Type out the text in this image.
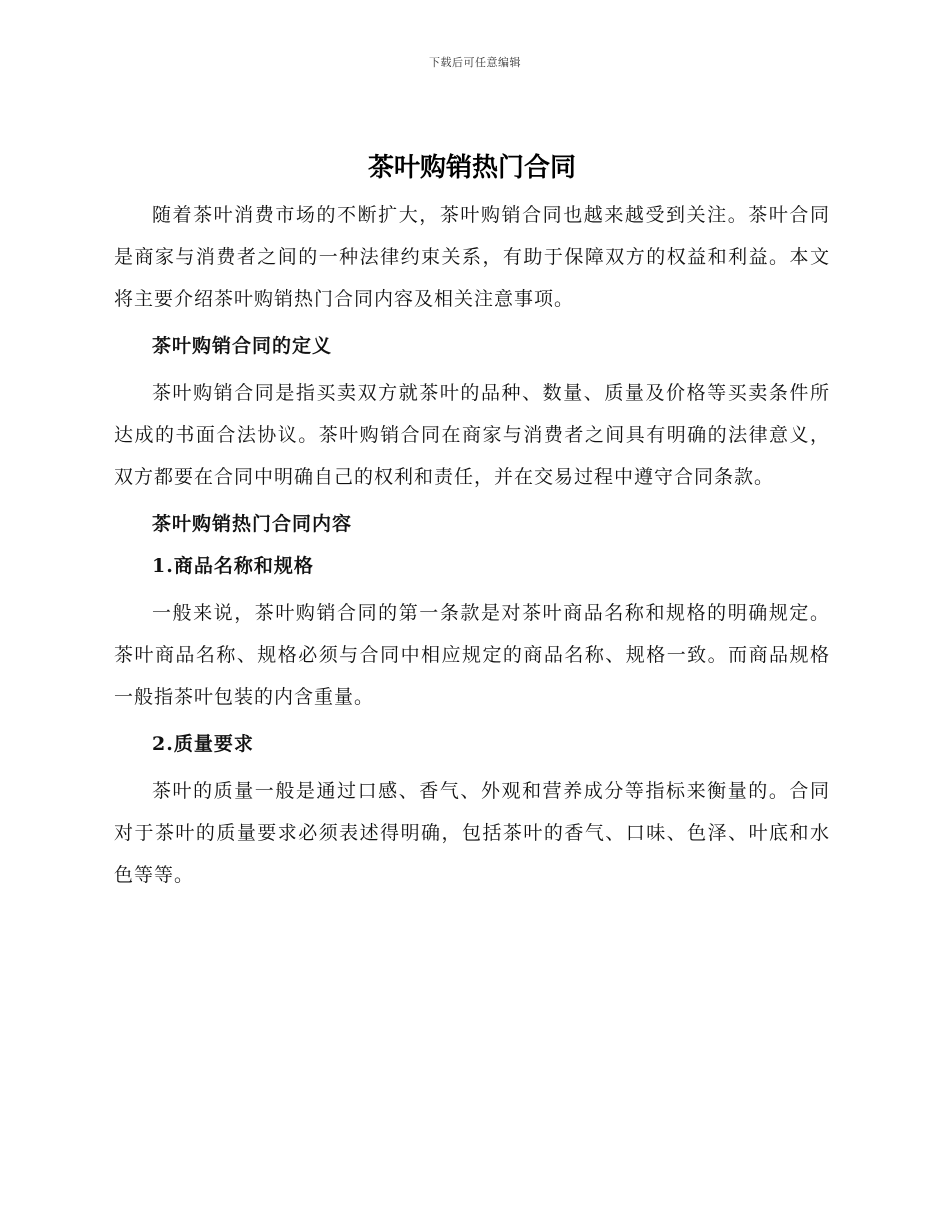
下载后可任意编辑
茶叶购销热门合同

随着茶叶消费市场的不断扩大，茶叶购销合同也越来越受到关注。茶叶合同是商家与消费者之间的一种法律约束关系，有助于保障双方的权益和利益。本文将主要介绍茶叶购销热门合同内容及相关注意事项。

茶叶购销合同的定义

茶叶购销合同是指买卖双方就茶叶的品种、数量、质量及价格等买卖条件所达成的书面合法协议。茶叶购销合同在商家与消费者之间具有明确的法律意义，双方都要在合同中明确自己的权利和责任，并在交易过程中遵守合同条款。

茶叶购销热门合同内容
1.商品名称和规格

一般来说，茶叶购销合同的第一条款是对茶叶商品名称和规格的明确规定。茶叶商品名称、规格必须与合同中相应规定的商品名称、规格一致。而商品规格一般指茶叶包装的内含重量。

2.质量要求

茶叶的质量一般是通过口感、香气、外观和营养成分等指标来衡量的。合同对于茶叶的质量要求必须表述得明确，包括茶叶的香气、口味、色泽、叶底和水色等等。
